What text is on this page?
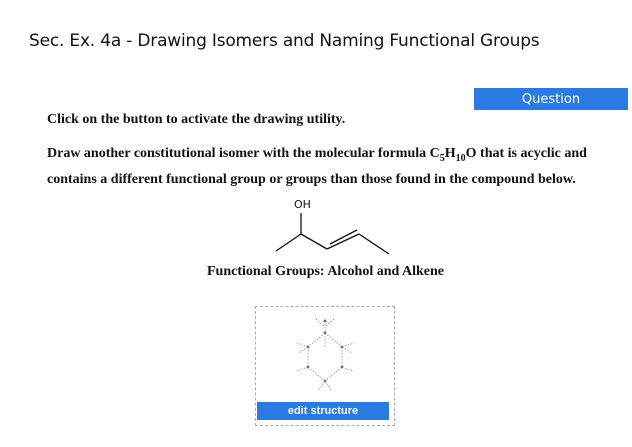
Sec. Ex. 4a - Drawing Isomers and Naming Functional Groups
Question
Click on the button to activate the drawing utility.
Draw another constitutional isomer with the molecular formula $C_5H_{10}O$ that is acyclic and
contains a different functional group or groups than those found in the compound below.
OH
Functional Groups: Alcohol and Alkene
edit structure
